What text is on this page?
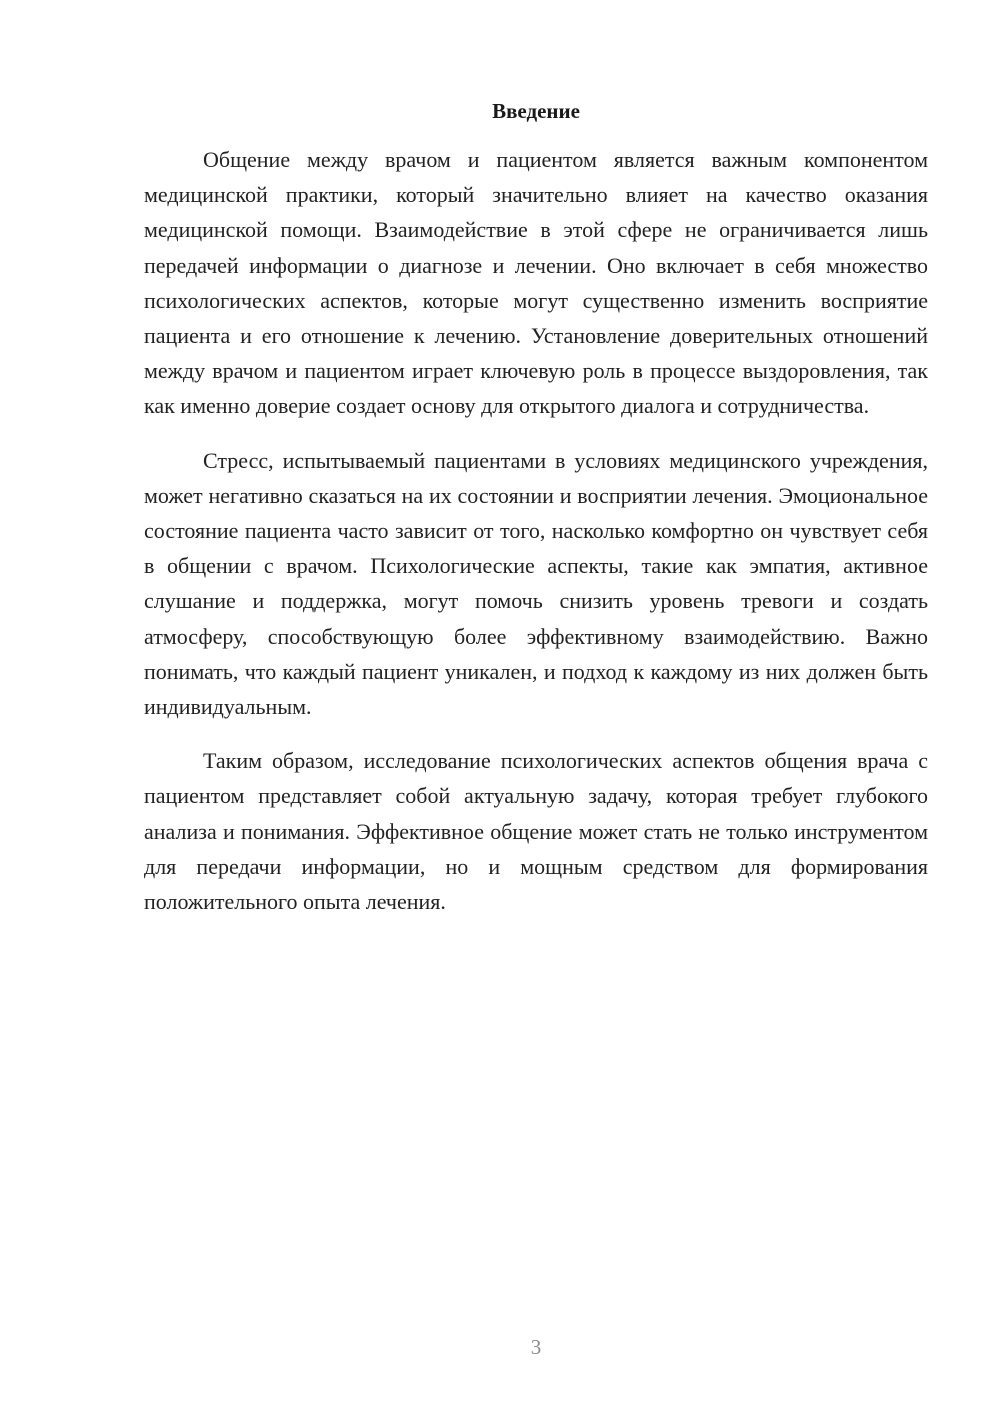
Введение

Общение между врачом и пациентом является важным компонентом медицинской практики, который значительно влияет на качество оказания медицинской помощи. Взаимодействие в этой сфере не ограничивается лишь передачей информации о диагнозе и лечении. Оно включает в себя множество психологических аспектов, которые могут существенно изменить восприятие пациента и его отношение к лечению. Установление доверительных отношений между врачом и пациентом играет ключевую роль в процессе выздоровления, так как именно доверие создает основу для открытого диалога и сотрудничества.

Стресс, испытываемый пациентами в условиях медицинского учреждения, может негативно сказаться на их состоянии и восприятии лечения. Эмоциональное состояние пациента часто зависит от того, насколько комфортно он чувствует себя в общении с врачом. Психологические аспекты, такие как эмпатия, активное слушание и поддержка, могут помочь снизить уровень тревоги и создать атмосферу, способствующую более эффективному взаимодействию. Важно понимать, что каждый пациент уникален, и подход к каждому из них должен быть индивидуальным.

Таким образом, исследование психологических аспектов общения врача с пациентом представляет собой актуальную задачу, которая требует глубокого анализа и понимания. Эффективное общение может стать не только инструментом для передачи информации, но и мощным средством для формирования положительного опыта лечения.

3
